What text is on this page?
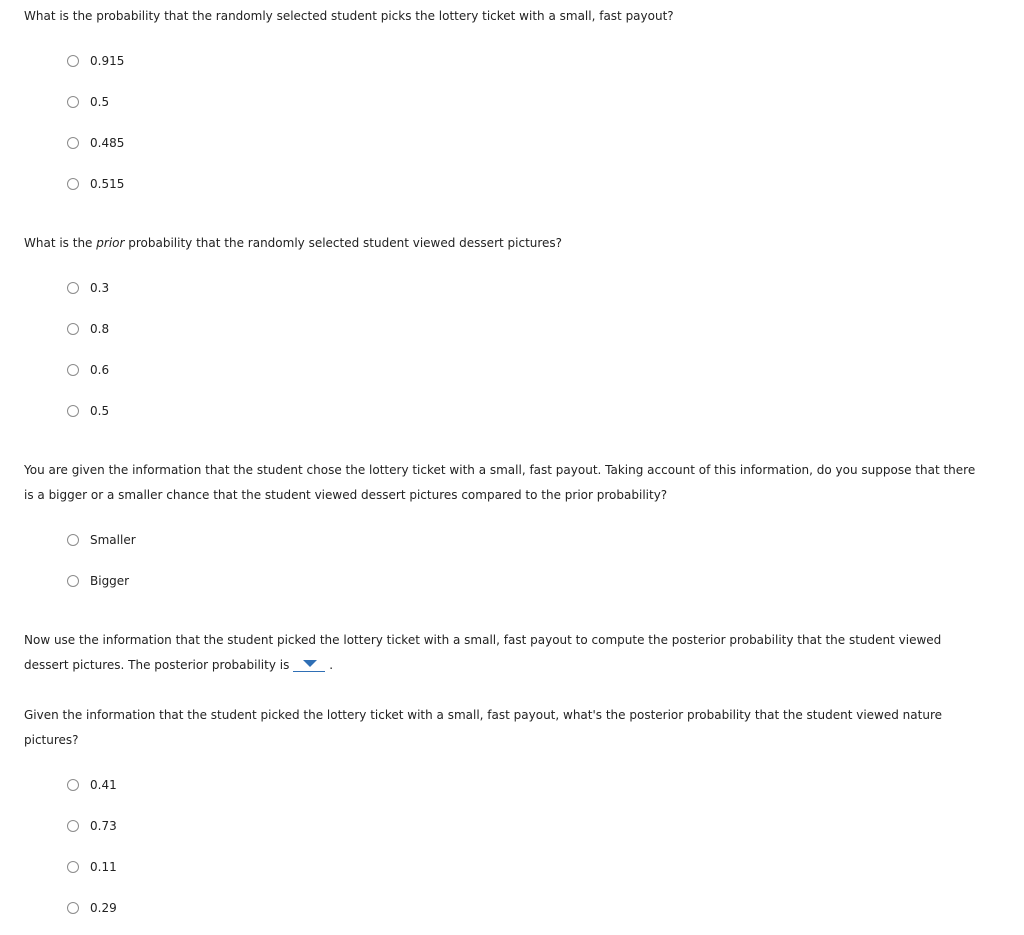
What is the probability that the randomly selected student picks the lottery ticket with a small, fast payout?

0.915
0.5
0.485
0.515

What is the prior probability that the randomly selected student viewed dessert pictures?

0.3
0.8
0.6
0.5

You are given the information that the student chose the lottery ticket with a small, fast payout. Taking account of this information, do you suppose that there is a bigger or a smaller chance that the student viewed dessert pictures compared to the prior probability?

Smaller
Bigger

Now use the information that the student picked the lottery ticket with a small, fast payout to compute the posterior probability that the student viewed dessert pictures. The posterior probability is	.

Given the information that the student picked the lottery ticket with a small, fast payout, what's the posterior probability that the student viewed nature pictures?

0.41
0.73
0.11
0.29
